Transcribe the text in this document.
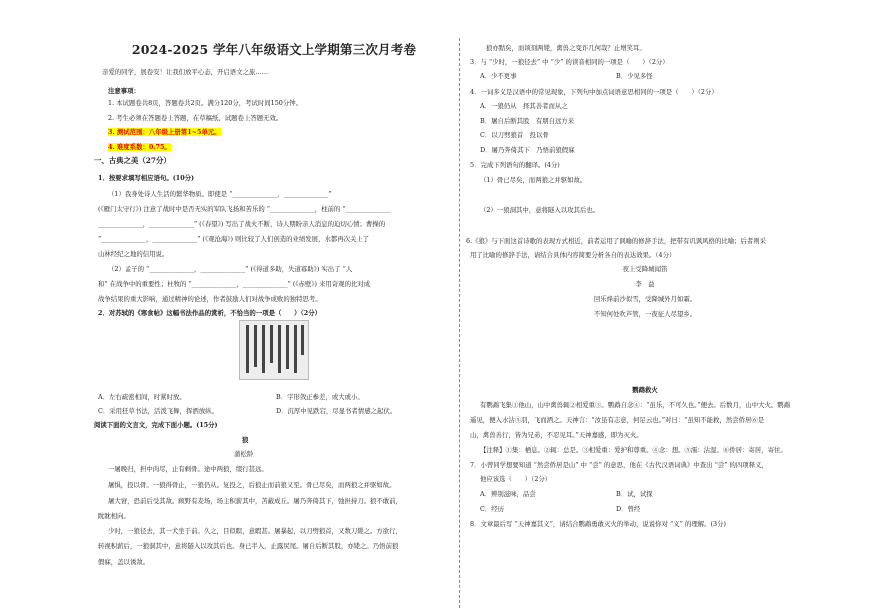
2024-2025 学年八年级语文上学期第三次月考卷
亲爱的同学，展卷安！让我们放平心态，开启语文之旅……
注意事项：
1. 本试题卷共8页，答题卷共2页。满分120分，考试时间150分钟。
2. 考生必须在答题卷上答题，在草稿纸、试题卷上答题无效。
3. 测试范围：八年级上册第1~5单元。
4. 难度系数：0.75。
一、古典之美（27分）
1．按要求填写相应语句。(10分)
（1）我身处诗人生活的繁华物质。即使是 “______________，______________”
(《雁门太守行》) 注意了战时中是否无实的军队飞扬和苦乐的 “______________，柱前的 “______________
______________，______________” (《春望》) 写出了战火不断，诗人期盼亲人消息的迫切心情；曹操的
“______________，______________” (《观沧海》) 则比较了人们创造的业绩发展，水都再次关上了
山林经纪之地的信用说。
（2）孟子的 “______________，______________” (《得道多助，失道寡助》) 实出了 “人
和” 在战争中的重要性；杜牧的 “______________，______________” (《赤壁》) 来用奇观的比对成
战争结果的重大影响，通过精神的论述，作者鼓励人们对战争成败的独特思考。
2．对苏轼的《寒食帖》这幅书法作品的赏析，不恰当的一项是（　　）（2分）
A．左右疏密相间，时紧时放。	B．字形敛正参差，或大或小。
C．采用狂草书法，活泼飞舞，挥洒放纵。	D．沉厚中见跌宕，尽显书者情感之起伏。
阅读下面的文言文，完成下面小题。(15分)
狼
蒲松龄
一屠晚归，担中肉尽，止有剩骨。途中两狼，缀行甚远。
屠惧，投以骨。一狼得骨止，一狼仍从。复投之，后狼止而前狼又至。骨已尽矣，而两狼之并驱如故。
屠大窘，恐前后受其敌。顾野有麦场，场主积薪其中，苫蔽成丘。屠乃奔倚其下，弛担持刀。狼不敢前，
眈眈相向。
少时，一狼径去，其一犬坐于前。久之，目似瞑，意暇甚。屠暴起，以刀劈狼首，又数刀毙之。方欲行，
转视积薪后，一狼洞其中，意将隧入以攻其后也。身已半入，止露尻尾。屠自后断其股，亦毙之。乃悟前狼
假寐，盖以诱敌。
狼亦黠矣，而顷刻两毙，禽兽之变诈几何哉？止增笑耳。
3．与 “少时，一狼径去” 中 “少” 的读音相同的一项是（　　）（2分）
A．少不更事	B．少见多怪
4．一词多义是汉语中的常见现象，下列句中加点词语意思相同的一项是（　　）（2分）
A．一狼仍从　择其善者而从之
B．屠自后断其股　有朋自远方来
C．以刀劈狼首　投以骨
D．屠乃奔倚其下　乃悟前狼假寐
5．完成下列语句的翻译。(4分)
（1）骨已尽矣，而两狼之并驱如故。
（2）一狼洞其中，意将隧入以攻其后也。
6.《狼》与下面这首诗歌的表现方式相近，前者运用了讽喻的修辞手法，把带有讥讽风格的比喻；后者则采
用了比喻的修辞手法，请结合具体内容简要分析各自的表达效果。（4分）
夜上受降城闻笛
李　益
回乐烽前沙似雪，受降城外月如霜。
不知何处吹芦管，一夜征人尽望乡。
鹦鹉救火
有鹦鹉飞集①他山，山中禽兽辄②相爱重③。鹦鹉自念④：“虽乐，不可久也。”便去。后数月，山中大火。鹦鹉
遥见，便入水沾⑤羽，飞而洒之。天神言：“汝虽有志意，何足云也。”对曰：“虽知不能救，然尝侨居⑥是
山，禽兽善行，皆为兄弟，不忍见耳。”天神嘉感，即为灭火。
【注释】①集：栖息。②辄：总是。③相爱重：爱护和尊重。④念：想。⑤濡：沾湿。⑥侨居：寄居，寄住。
7．小曾同学想要知道 “然尝侨居是山” 中 “尝” 的意思，他在《古代汉语词典》中查出 “尝” 的四项释义，
他应该选（　　）（2分）
A．辨别滋味，品尝	B．试，试探
C．经历	D．曾经
8．文章最后写 “天神嘉其义”，请结合鹦鹉勇敢灭火的举动，说说你对 “义” 的理解。(3分)
